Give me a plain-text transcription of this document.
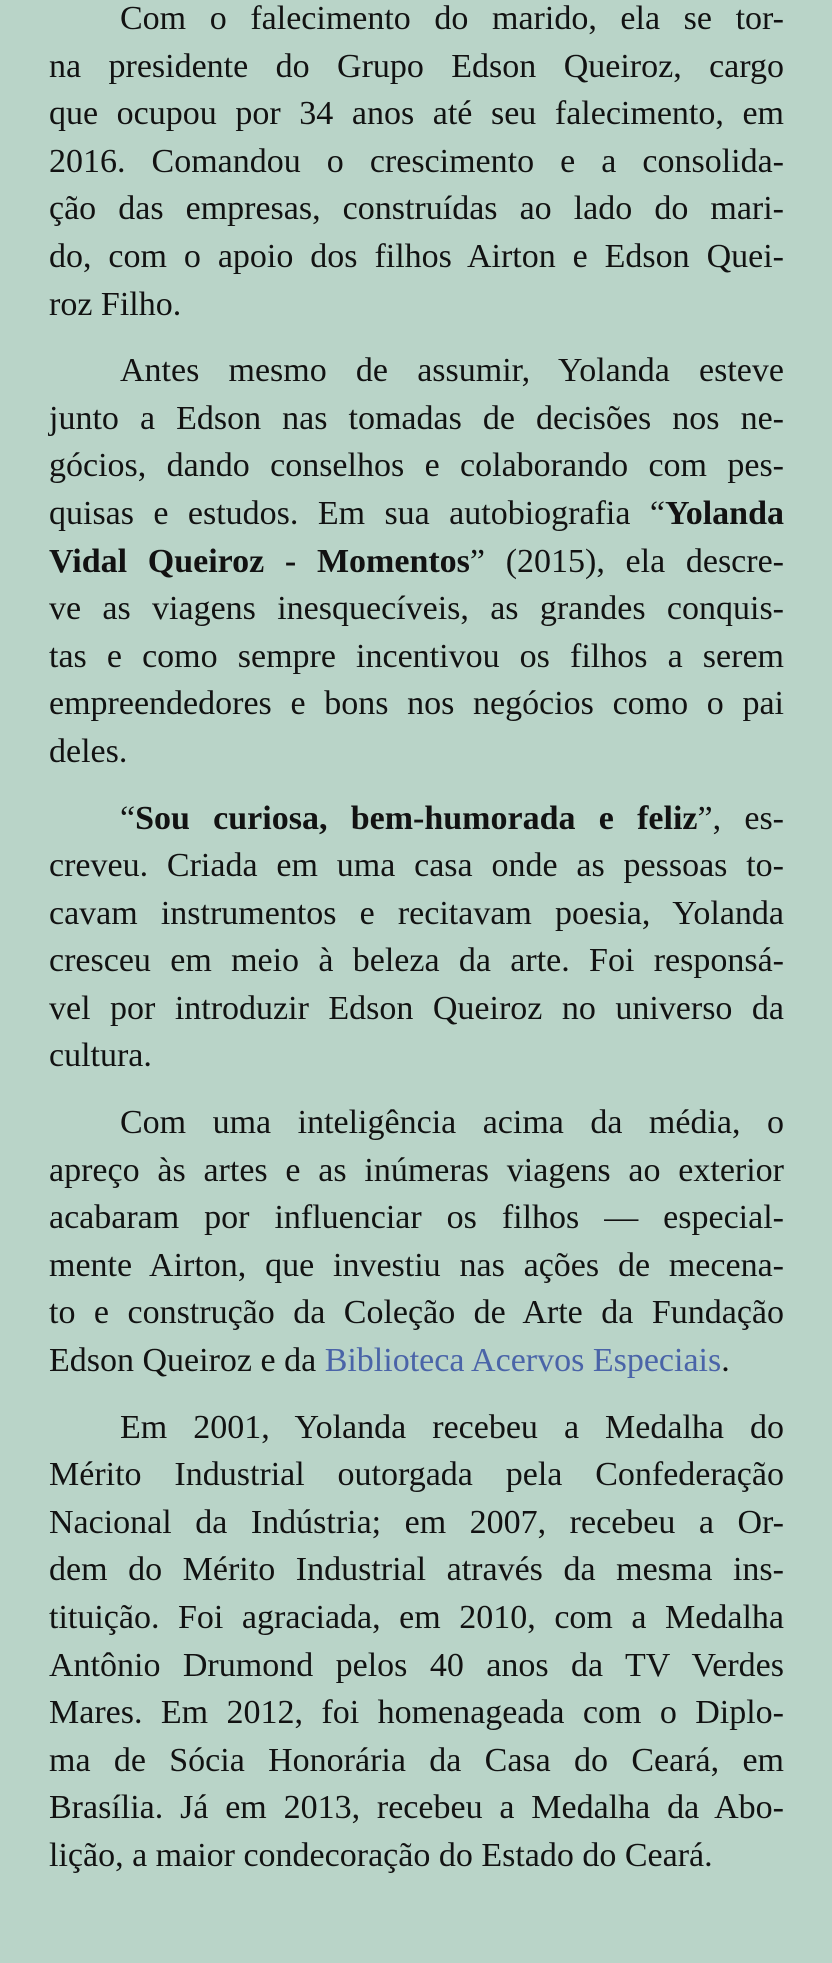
Com o falecimento do marido, ela se tor-
na presidente do Grupo Edson Queiroz, cargo
que ocupou por 34 anos até seu falecimento, em
2016. Comandou o crescimento e a consolida-
ção das empresas, construídas ao lado do mari-
do, com o apoio dos filhos Airton e Edson Quei-
roz Filho.
Antes mesmo de assumir, Yolanda esteve
junto a Edson nas tomadas de decisões nos ne-
gócios, dando conselhos e colaborando com pes-
quisas e estudos. Em sua autobiografia “Yolanda
Vidal Queiroz - Momentos” (2015), ela descre-
ve as viagens inesquecíveis, as grandes conquis-
tas e como sempre incentivou os filhos a serem
empreendedores e bons nos negócios como o pai
deles.
“Sou curiosa, bem-humorada e feliz”, es-
creveu. Criada em uma casa onde as pessoas to-
cavam instrumentos e recitavam poesia, Yolanda
cresceu em meio à beleza da arte. Foi responsá-
vel por introduzir Edson Queiroz no universo da
cultura.
Com uma inteligência acima da média, o
apreço às artes e as inúmeras viagens ao exterior
acabaram por influenciar os filhos — especial-
mente Airton, que investiu nas ações de mecena-
to e construção da Coleção de Arte da Fundação
Edson Queiroz e da Biblioteca Acervos Especiais.
Em 2001, Yolanda recebeu a Medalha do
Mérito Industrial outorgada pela Confederação
Nacional da Indústria; em 2007, recebeu a Or-
dem do Mérito Industrial através da mesma ins-
tituição. Foi agraciada, em 2010, com a Medalha
Antônio Drumond pelos 40 anos da TV Verdes
Mares. Em 2012, foi homenageada com o Diplo-
ma de Sócia Honorária da Casa do Ceará, em
Brasília. Já em 2013, recebeu a Medalha da Abo-
lição, a maior condecoração do Estado do Ceará.
